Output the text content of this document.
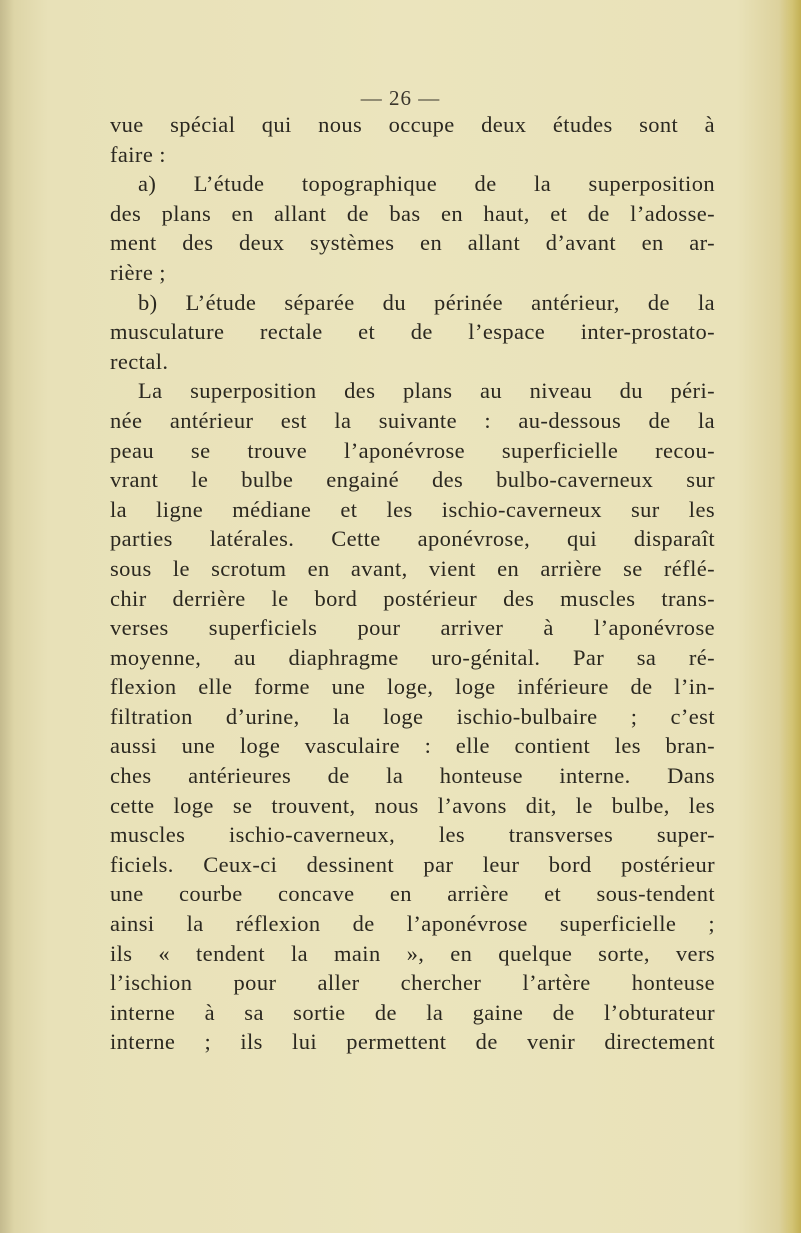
— 26 —
vue spécial qui nous occupe deux études sont à
faire :
a) L’étude topographique de la superposition
des plans en allant de bas en haut, et de l’adosse-
ment des deux systèmes en allant d’avant en ar-
rière ;
b) L’étude séparée du périnée antérieur, de la
musculature rectale et de l’espace inter-prostato-
rectal.
La superposition des plans au niveau du péri-
née antérieur est la suivante : au-dessous de la
peau se trouve l’aponévrose superficielle recou-
vrant le bulbe engainé des bulbo-caverneux sur
la ligne médiane et les ischio-caverneux sur les
parties latérales. Cette aponévrose, qui disparaît
sous le scrotum en avant, vient en arrière se réflé-
chir derrière le bord postérieur des muscles trans-
verses superficiels pour arriver à l’aponévrose
moyenne, au diaphragme uro-génital. Par sa ré-
flexion elle forme une loge, loge inférieure de l’in-
filtration d’urine, la loge ischio-bulbaire ; c’est
aussi une loge vasculaire : elle contient les bran-
ches antérieures de la honteuse interne. Dans
cette loge se trouvent, nous l’avons dit, le bulbe, les
muscles ischio-caverneux, les transverses super-
ficiels. Ceux-ci dessinent par leur bord postérieur
une courbe concave en arrière et sous-tendent
ainsi la réflexion de l’aponévrose superficielle ;
ils « tendent la main », en quelque sorte, vers
l’ischion pour aller chercher l’artère honteuse
interne à sa sortie de la gaine de l’obturateur
interne ; ils lui permettent de venir directement
